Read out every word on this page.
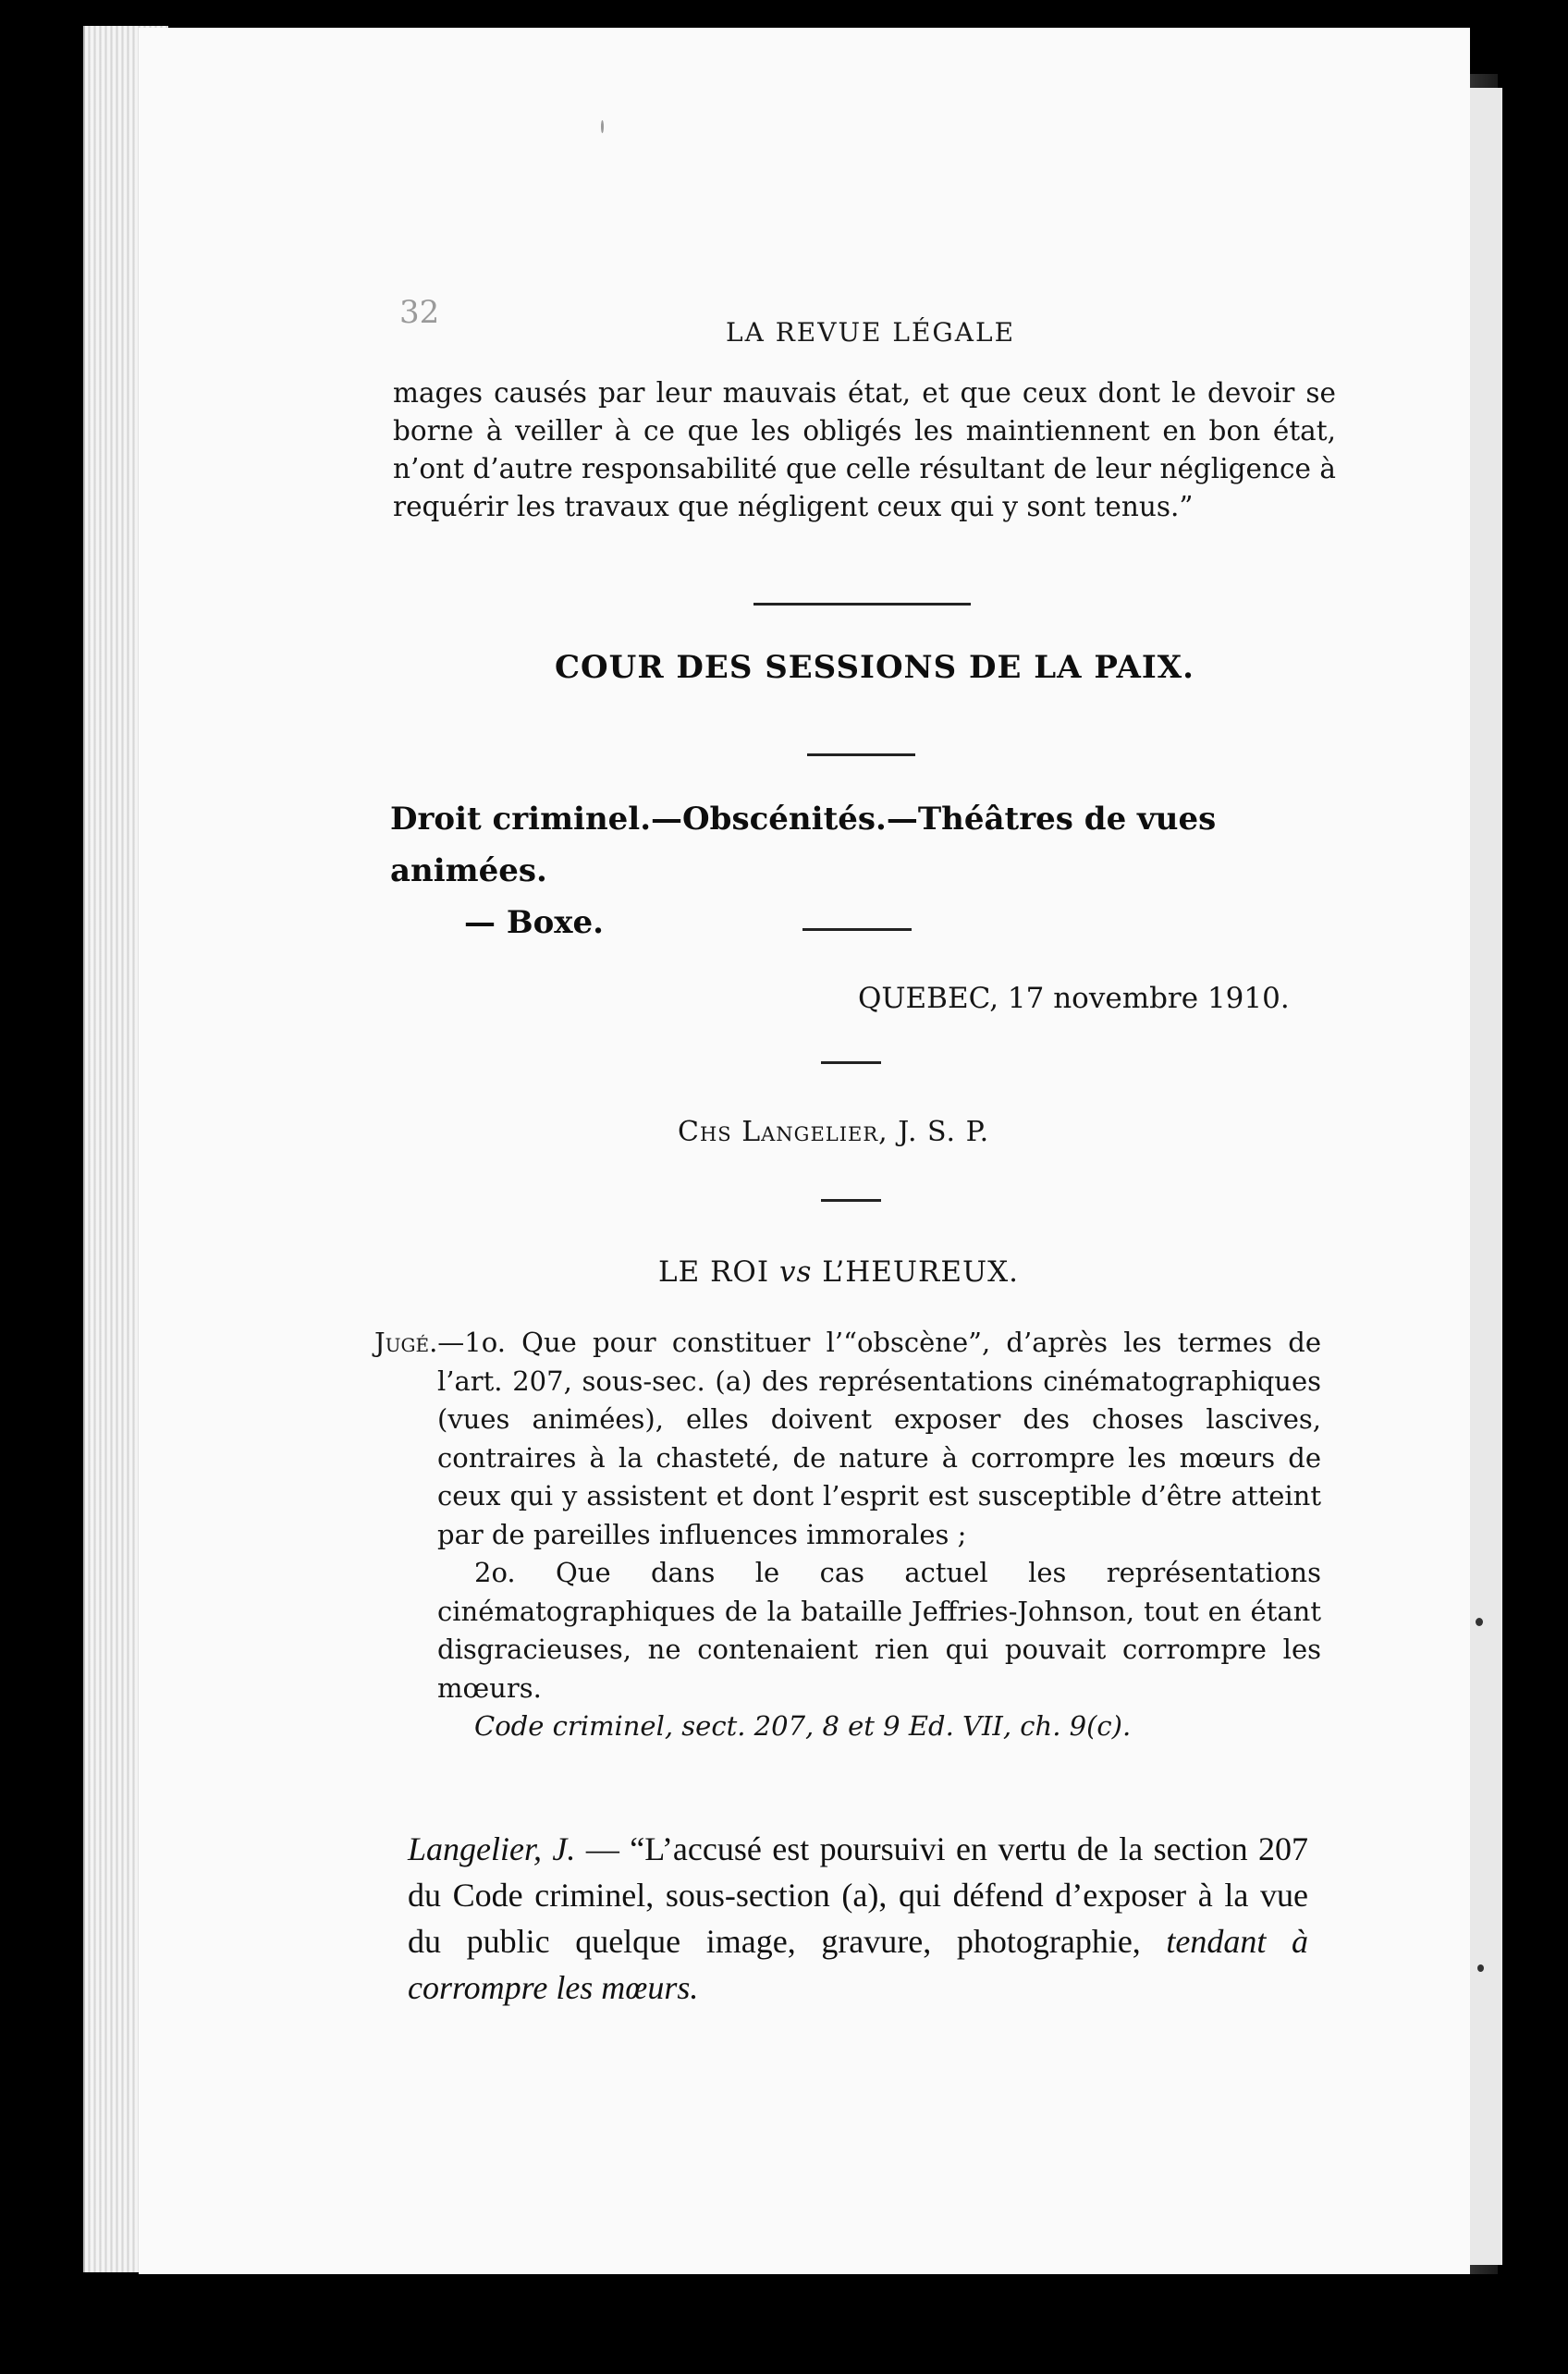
32
LA REVUE LÉGALE
mages causés par leur mauvais état, et que ceux dont le devoir se borne à veiller à ce que les obligés les maintiennent en bon état, n’ont d’autre responsabilité que celle résultant de leur négligence à requérir les travaux que négligent ceux qui y sont tenus.”
COUR DES SESSIONS DE LA PAIX.
Droit criminel.—Obscénités.—Théâtres de vues animées.
— Boxe.
QUEBEC, 17 novembre 1910.
Chs Langelier, J. S. P.
LE ROI vs L’HEUREUX.

Jugé.—1o. Que pour constituer l’“obscène”, d’après les termes de l’art. 207, sous-sec. (a) des représentations cinématographiques (vues animées), elles doivent exposer des choses lascives, contraires à la chasteté, de nature à corrompre les mœurs de ceux qui y assistent et dont l’esprit est susceptible d’être atteint par de pareilles influences immorales ;

2o. Que dans le cas actuel les représentations cinématographiques de la bataille Jeffries-Johnson, tout en étant disgracieuses, ne contenaient rien qui pouvait corrompre les mœurs.

Code criminel, sect. 207, 8 et 9 Ed. VII, ch. 9(c).

Langelier, J. — “L’accusé est poursuivi en vertu de la section 207 du Code criminel, sous-section (a), qui défend d’exposer à la vue du public quelque image, gravure, photographie, tendant à corrompre les mœurs.
